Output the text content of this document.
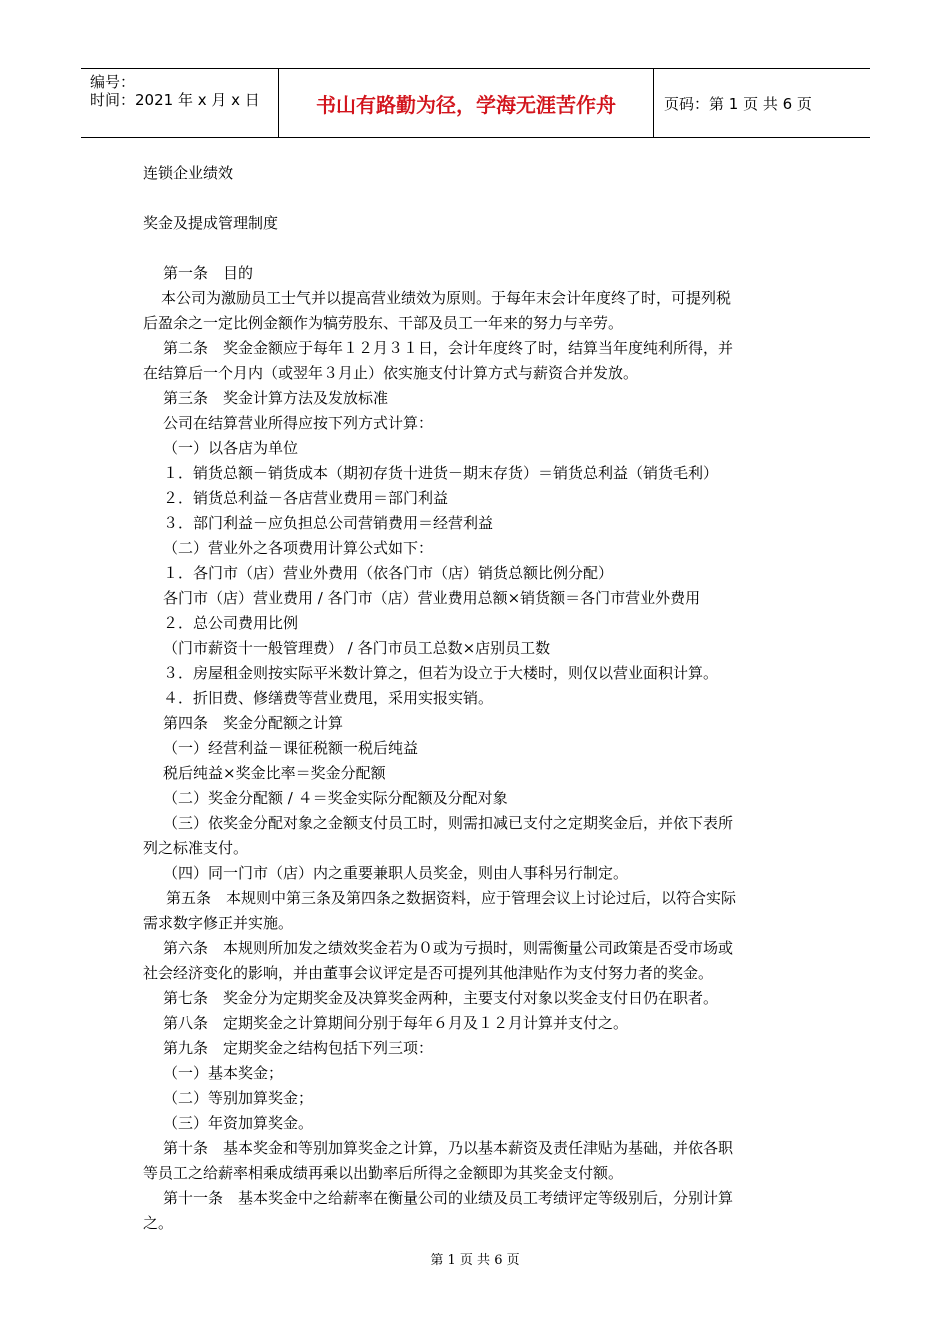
编号：
时间：2021 年 x 月 x 日	书山有路勤为径，学海无涯苦作舟	页码：第 1 页 共 6 页
连锁企业绩效
奖金及提成管理制度
第一条　目的
本公司为激励员工士气并以提高营业绩效为原则。于每年末会计年度终了时，可提列税
后盈余之一定比例金额作为犒劳股东、干部及员工一年来的努力与辛劳。
第二条　奖金金额应于每年１２月３１日，会计年度终了时，结算当年度纯利所得，并
在结算后一个月内（或翌年３月止）依实施支付计算方式与薪资合并发放。
第三条　奖金计算方法及发放标准
公司在结算营业所得应按下列方式计算：
（一）以各店为单位
１．销货总额－销货成本（期初存货十进货－期末存货）＝销货总利益（销货毛利）
２．销货总利益－各店营业费用＝部门利益
３．部门利益－应负担总公司营销费用＝经营利益
（二）营业外之各项费用计算公式如下：
１．各门市（店）营业外费用（依各门市（店）销货总额比例分配）
各门市（店）营业费用 / 各门市（店）营业费用总额×销货额＝各门市营业外费用
２．总公司费用比例
（门市薪资十一般管理费） / 各门市员工总数×店别员工数
３．房屋租金则按实际平米数计算之，但若为设立于大楼时，则仅以营业面积计算。
４．折旧费、修缮费等营业费甩，采用实报实销。
第四条　奖金分配额之计算
（一）经营利益－课征税额一税后纯益
税后纯益×奖金比率＝奖金分配额
（二）奖金分配额 / ４＝奖金实际分配额及分配对象
（三）依奖金分配对象之金额支付员工时，则需扣减已支付之定期奖金后，并依下表所
列之标准支付。
（四）同一门市（店）内之重要兼职人员奖金，则由人事科另行制定。
第五条　本规则中第三条及第四条之数据资料，应于管理会议上讨论过后，以符合实际
需求数字修正并实施。
第六条　本规则所加发之绩效奖金若为０或为亏损时，则需衡量公司政策是否受市场或
社会经济变化的影响，并由董事会议评定是否可提列其他津贴作为支付努力者的奖金。
第七条　奖金分为定期奖金及决算奖金两种，主要支付对象以奖金支付日仍在职者。
第八条　定期奖金之计算期间分别于每年６月及１２月计算并支付之。
第九条　定期奖金之结构包括下列三项：
（一）基本奖金；
（二）等别加算奖金；
（三）年资加算奖金。
第十条　基本奖金和等别加算奖金之计算，乃以基本薪资及责任津贴为基础，并依各职
等员工之给薪率相乘成绩再乘以出勤率后所得之金额即为其奖金支付额。
第十一条　基本奖金中之给薪率在衡量公司的业绩及员工考绩评定等级别后，分别计算
之。
第 1 页 共 6 页
